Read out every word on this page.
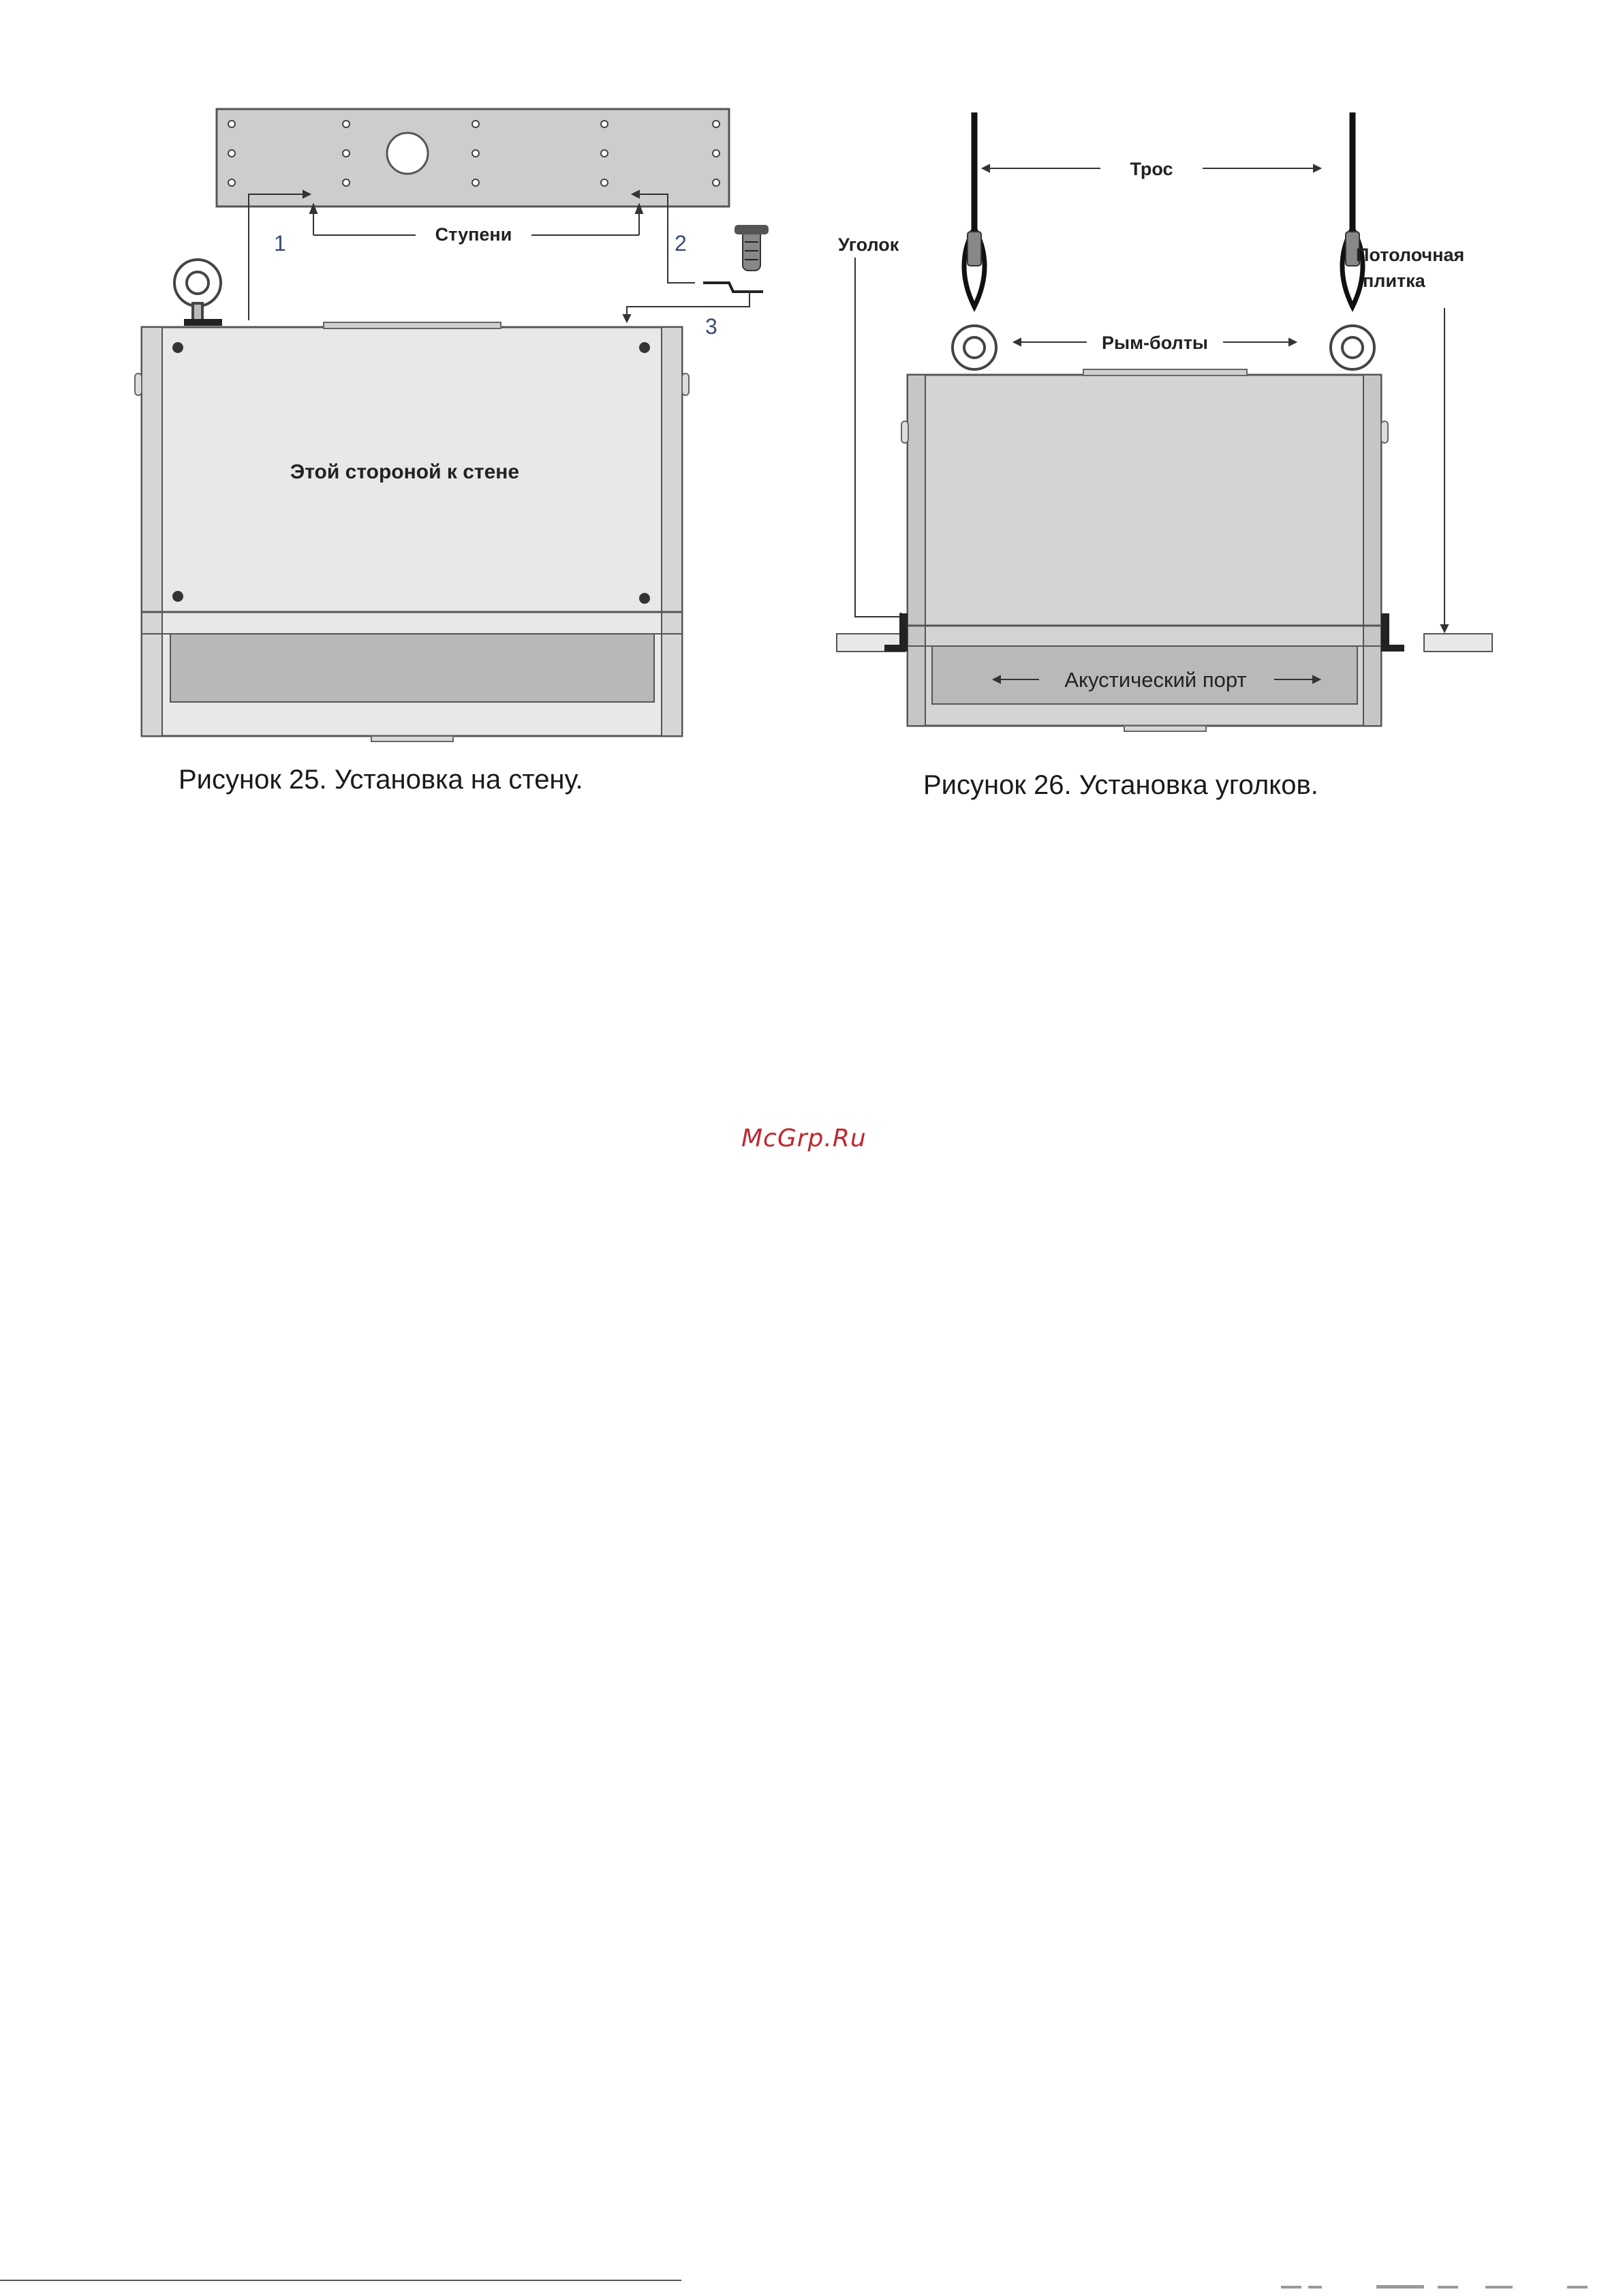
Ступени
1	2
3
Этой стороной к стене
Трос
Рым-болты
Уголок	Потолочная
плитка
Акустический порт
Рисунок 25. Установка на стену.	Рисунок 26. Установка уголков.
McGrp.Ru
